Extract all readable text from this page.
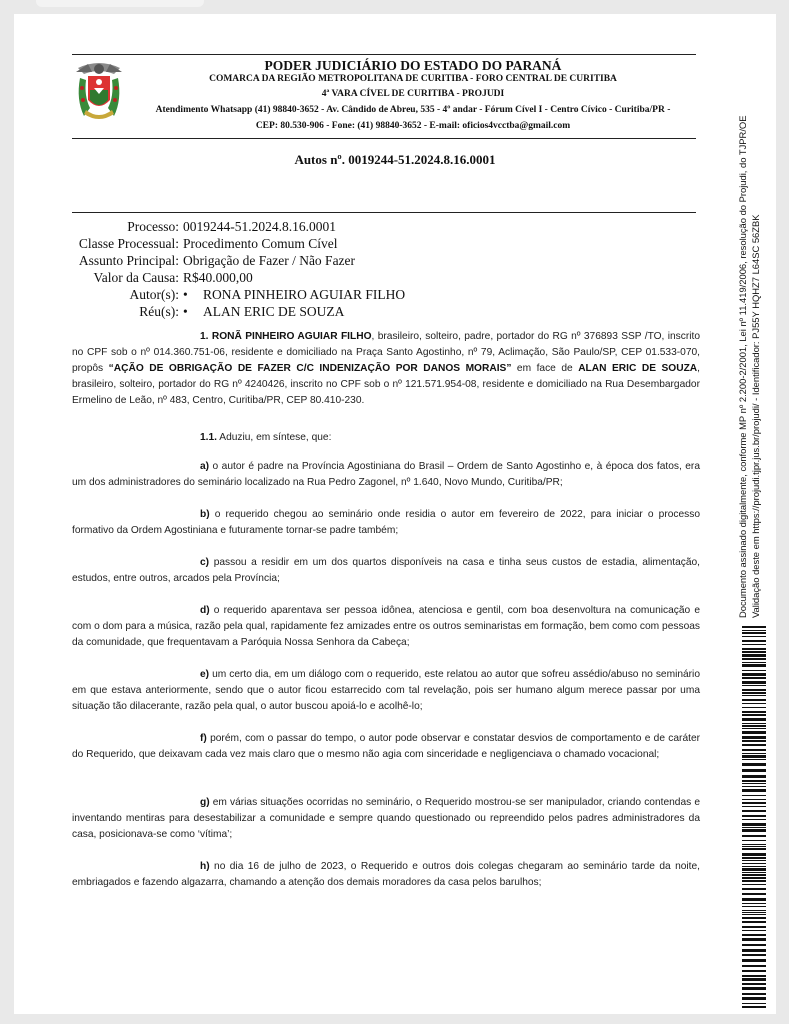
PODER JUDICIÁRIO DO ESTADO DO PARANÁ
COMARCA DA REGIÃO METROPOLITANA DE CURITIBA - FORO CENTRAL DE CURITIBA
4ª VARA CÍVEL DE CURITIBA - PROJUDI
Atendimento Whatsapp (41) 98840-3652 - Av. Cândido de Abreu, 535 - 4º andar - Fórum Cível I - Centro Cívico - Curitiba/PR -
CEP: 80.530-906 - Fone: (41) 98840-3652 - E-mail: oficios4vcctba@gmail.com
Autos nº. 0019244-51.2024.8.16.0001
Processo: 0019244-51.2024.8.16.0001
Classe Processual: Procedimento Comum Cível
Assunto Principal: Obrigação de Fazer / Não Fazer
Valor da Causa: R$40.000,00
Autor(s): •	RONA PINHEIRO AGUIAR FILHO
Réu(s): •	ALAN ERIC DE SOUZA
1. RONÃ PINHEIRO AGUIAR FILHO, brasileiro, solteiro, padre, portador do RG nº 376893 SSP /TO, inscrito no CPF sob o nº 014.360.751-06, residente e domiciliado na Praça Santo Agostinho, nº 79, Aclimação, São Paulo/SP, CEP 01.533-070, propôs “AÇÃO DE OBRIGAÇÃO DE FAZER C/C INDENIZAÇÃO POR DANOS MORAIS” em face de ALAN ERIC DE SOUZA, brasileiro, solteiro, portador do RG nº 4240426, inscrito no CPF sob o nº 121.571.954-08, residente e domiciliado na Rua Desembargador Ermelino de Leão, nº 483, Centro, Curitiba/PR, CEP 80.410-230.
1.1. Aduziu, em síntese, que:
a) o autor é padre na Província Agostiniana do Brasil – Ordem de Santo Agostinho e, à época dos fatos, era um dos administradores do seminário localizado na Rua Pedro Zagonel, nº 1.640, Novo Mundo, Curitiba/PR;
b) o requerido chegou ao seminário onde residia o autor em fevereiro de 2022, para iniciar o processo formativo da Ordem Agostiniana e futuramente tornar-se padre também;
c) passou a residir em um dos quartos disponíveis na casa e tinha seus custos de estadia, alimentação, estudos, entre outros, arcados pela Província;
d) o requerido aparentava ser pessoa idônea, atenciosa e gentil, com boa desenvoltura na comunicação e com o dom para a música, razão pela qual, rapidamente fez amizades entre os outros seminaristas em formação, bem como com pessoas da comunidade, que frequentavam a Paróquia Nossa Senhora da Cabeça;
e) um certo dia, em um diálogo com o requerido, este relatou ao autor que sofreu assédio/abuso no seminário em que estava anteriormente, sendo que o autor ficou estarrecido com tal revelação, pois ser humano algum merece passar por uma situação tão dilacerante, razão pela qual, o autor buscou apoiá-lo e acolhê-lo;
f) porém, com o passar do tempo, o autor pode observar e constatar desvios de comportamento e de caráter do Requerido, que deixavam cada vez mais claro que o mesmo não agia com sinceridade e negligenciava o chamado vocacional;
g) em várias situações ocorridas no seminário, o Requerido mostrou-se ser manipulador, criando contendas e inventando mentiras para desestabilizar a comunidade e sempre quando questionado ou repreendido pelos padres administradores da casa, posicionava-se como ‘vítima’;
h) no dia 16 de julho de 2023, o Requerido e outros dois colegas chegaram ao seminário tarde da noite, embriagados e fazendo algazarra, chamando a atenção dos demais moradores da casa pelos barulhos;
Documento assinado digitalmente, conforme MP nº 2.200-2/2001, Lei nº 11.419/2006, resolução do Projudi, do TJPR/OE Validação deste em https://projudi.tjpr.jus.br/projudi/ - Identificador: PJ55Y HQHZ7 L64SC 56ZBK
